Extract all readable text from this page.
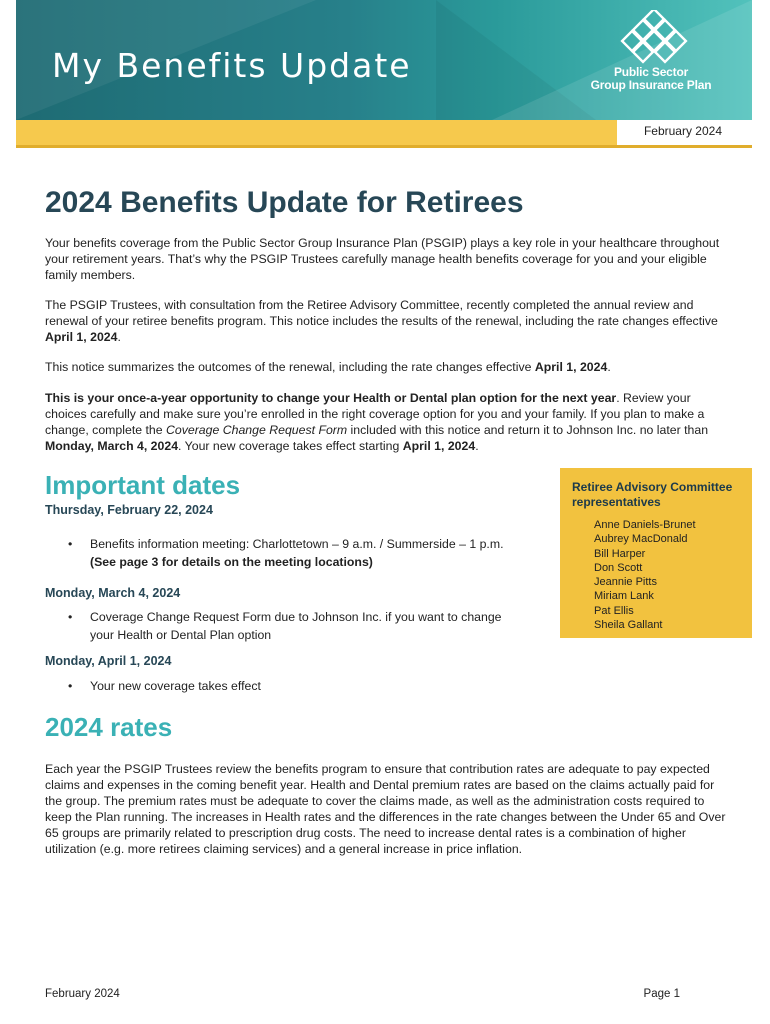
My Benefits Update	Public Sector
Group Insurance Plan
February 2024
2024 Benefits Update for Retirees

Your benefits coverage from the Public Sector Group Insurance Plan (PSGIP) plays a key role in your healthcare throughout your retirement years. That’s why the PSGIP Trustees carefully manage health benefits coverage for you and your eligible family members.

The PSGIP Trustees, with consultation from the Retiree Advisory Committee, recently completed the annual review and renewal of your retiree benefits program. This notice includes the results of the renewal, including the rate changes effective April 1, 2024.

This notice summarizes the outcomes of the renewal, including the rate changes effective April 1, 2024.

This is your once-a-year opportunity to change your Health or Dental plan option for the next year. Review your choices carefully and make sure you’re enrolled in the right coverage option for you and your family. If you plan to make a change, complete the Coverage Change Request Form included with this notice and return it to Johnson Inc. no later than Monday, March 4, 2024. Your new coverage takes effect starting April 1, 2024.

Important dates
Thursday, February 22, 2024
• Benefits information meeting: Charlottetown – 9 a.m. / Summerside – 1 p.m.
(See page 3 for details on the meeting locations)
Monday, March 4, 2024
• Coverage Change Request Form due to Johnson Inc. if you want to change your Health or Dental Plan option
Monday, April 1, 2024
• Your new coverage takes effect
Retiree Advisory Committee representatives
Anne Daniels-Brunet
Aubrey MacDonald
Bill Harper
Don Scott
Jeannie Pitts
Miriam Lank
Pat Ellis
Sheila Gallant
2024 rates

Each year the PSGIP Trustees review the benefits program to ensure that contribution rates are adequate to pay expected claims and expenses in the coming benefit year. Health and Dental premium rates are based on the claims actually paid for the group. The premium rates must be adequate to cover the claims made, as well as the administration costs required to keep the Plan running. The increases in Health rates and the differences in the rate changes between the Under 65 and Over 65 groups are primarily related to prescription drug costs. The need to increase dental rates is a combination of higher utilization (e.g. more retirees claiming services) and a general increase in price inflation.

February 2024	Page 1
